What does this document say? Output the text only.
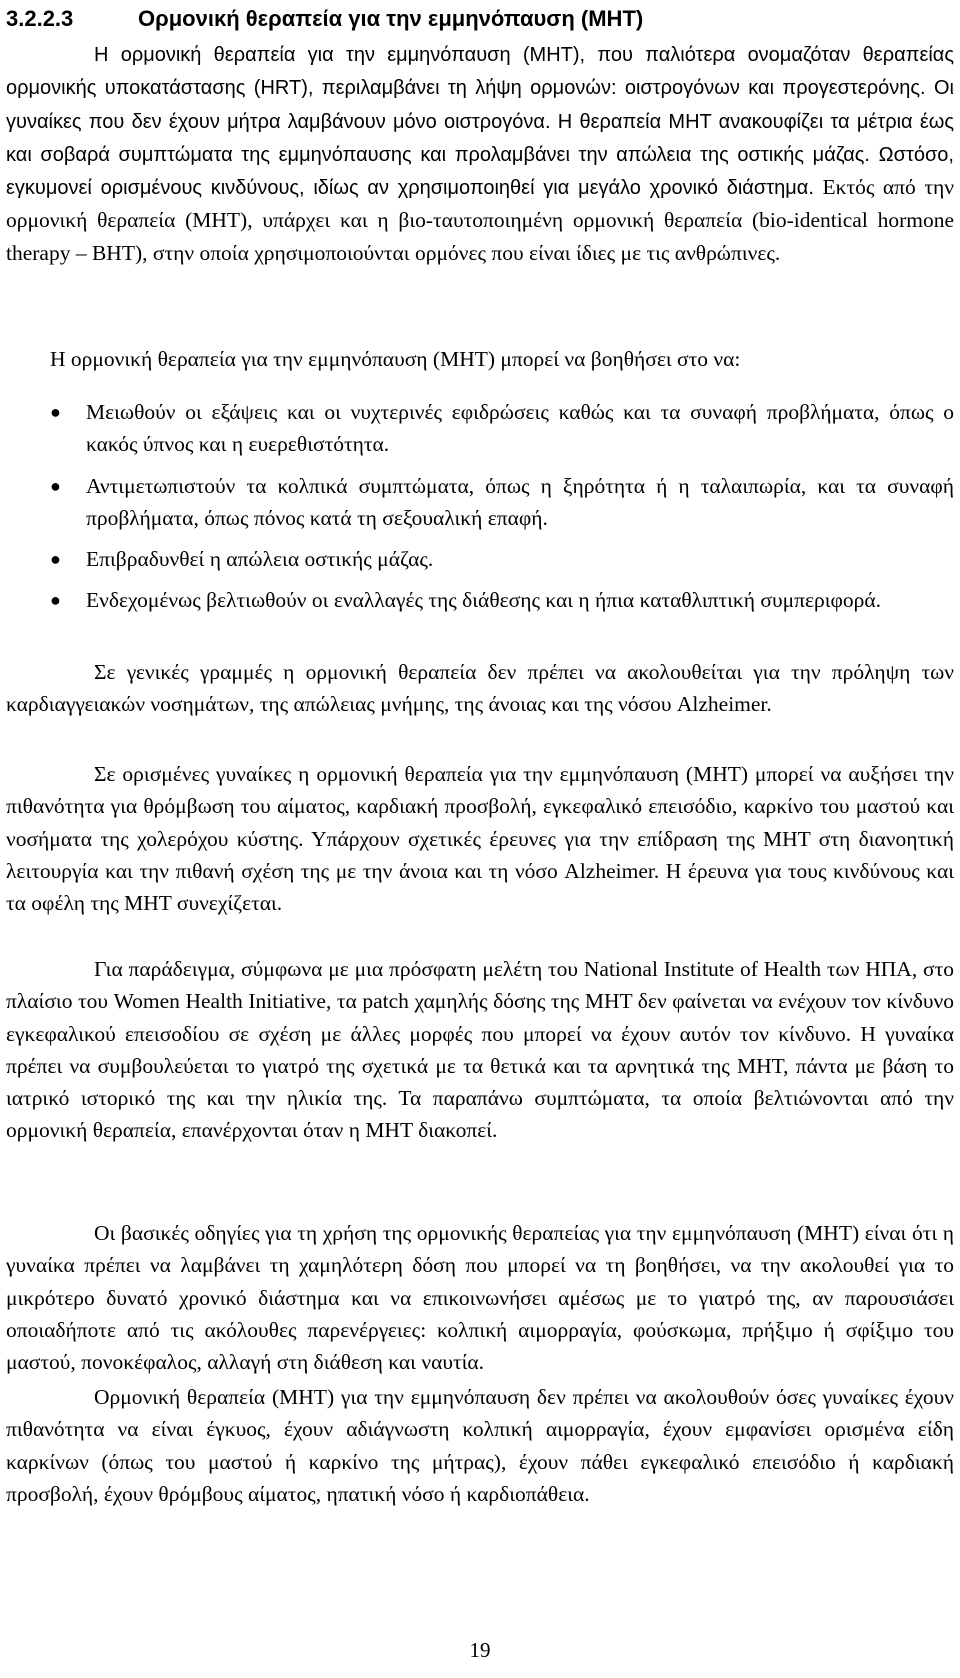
3.2.2.3	Ορμονική θεραπεία για την εμμηνόπαυση (MHT)

Η ορμονική θεραπεία για την εμμηνόπαυση (MHT), που παλιότερα ονομαζόταν θεραπείας ορμονικής υποκατάστασης (HRT), περιλαμβάνει τη λήψη ορμονών: οιστρογόνων και προγεστερόνης. Οι γυναίκες που δεν έχουν μήτρα λαμβάνουν μόνο οιστρογόνα. Η θεραπεία MHT ανακουφίζει τα μέτρια έως και σοβαρά συμπτώματα της εμμηνόπαυσης και προλαμβάνει την απώλεια της οστικής μάζας. Ωστόσο, εγκυμονεί ορισμένους κινδύνους, ιδίως αν χρησιμοποιηθεί για μεγάλο χρονικό διάστημα. Εκτός από την ορμονική θεραπεία (MHT), υπάρχει και η βιο-ταυτοποιημένη ορμονική θεραπεία (bio-identical hormone therapy – BHT), στην οποία χρησιμοποιούνται ορμόνες που είναι ίδιες με τις ανθρώπινες.

Η ορμονική θεραπεία για την εμμηνόπαυση (MHT) μπορεί να βοηθήσει στο να:

● Μειωθούν οι εξάψεις και οι νυχτερινές εφιδρώσεις καθώς και τα συναφή προβλήματα, όπως ο κακός ύπνος και η ευερεθιστότητα.
● Αντιμετωπιστούν τα κολπικά συμπτώματα, όπως η ξηρότητα ή η ταλαιπωρία, και τα συναφή προβλήματα, όπως πόνος κατά τη σεξουαλική επαφή.
● Επιβραδυνθεί η απώλεια οστικής μάζας.
● Ενδεχομένως βελτιωθούν οι εναλλαγές της διάθεσης και η ήπια καταθλιπτική συμπεριφορά.

Σε γενικές γραμμές η ορμονική θεραπεία δεν πρέπει να ακολουθείται για την πρόληψη των καρδιαγγειακών νοσημάτων, της απώλειας μνήμης, της άνοιας και της νόσου Alzheimer.

Σε ορισμένες γυναίκες η ορμονική θεραπεία για την εμμηνόπαυση (MHT) μπορεί να αυξήσει την πιθανότητα για θρόμβωση του αίματος, καρδιακή προσβολή, εγκεφαλικό επεισόδιο, καρκίνο του μαστού και νοσήματα της χολερόχου κύστης. Υπάρχουν σχετικές έρευνες για την επίδραση της MHT στη διανοητική λειτουργία και την πιθανή σχέση της με την άνοια και τη νόσο Alzheimer. Η έρευνα για τους κινδύνους και τα οφέλη της MHT συνεχίζεται.

Για παράδειγμα, σύμφωνα με μια πρόσφατη μελέτη του National Institute of Health των ΗΠΑ, στο πλαίσιο του Women Health Initiative, τα patch χαμηλής δόσης της MHT δεν φαίνεται να ενέχουν τον κίνδυνο εγκεφαλικού επεισοδίου σε σχέση με άλλες μορφές που μπορεί να έχουν αυτόν τον κίνδυνο. Η γυναίκα πρέπει να συμβουλεύεται το γιατρό της σχετικά με τα θετικά και τα αρνητικά της MHT, πάντα με βάση το ιατρικό ιστορικό της και την ηλικία της. Τα παραπάνω συμπτώματα, τα οποία βελτιώνονται από την ορμονική θεραπεία, επανέρχονται όταν η MHT διακοπεί.

Οι βασικές οδηγίες για τη χρήση της ορμονικής θεραπείας για την εμμηνόπαυση (MHT) είναι ότι η γυναίκα πρέπει να λαμβάνει τη χαμηλότερη δόση που μπορεί να τη βοηθήσει, να την ακολουθεί για το μικρότερο δυνατό χρονικό διάστημα και να επικοινωνήσει αμέσως με το γιατρό της, αν παρουσιάσει οποιαδήποτε από τις ακόλουθες παρενέργειες: κολπική αιμορραγία, φούσκωμα, πρήξιμο ή σφίξιμο του μαστού, πονοκέφαλος, αλλαγή στη διάθεση και ναυτία.

Ορμονική θεραπεία (MHT) για την εμμηνόπαυση δεν πρέπει να ακολουθούν όσες γυναίκες έχουν πιθανότητα να είναι έγκυος, έχουν αδιάγνωστη κολπική αιμορραγία, έχουν εμφανίσει ορισμένα είδη καρκίνων (όπως του μαστού ή καρκίνο της μήτρας), έχουν πάθει εγκεφαλικό επεισόδιο ή καρδιακή προσβολή, έχουν θρόμβους αίματος, ηπατική νόσο ή καρδιοπάθεια.

19
